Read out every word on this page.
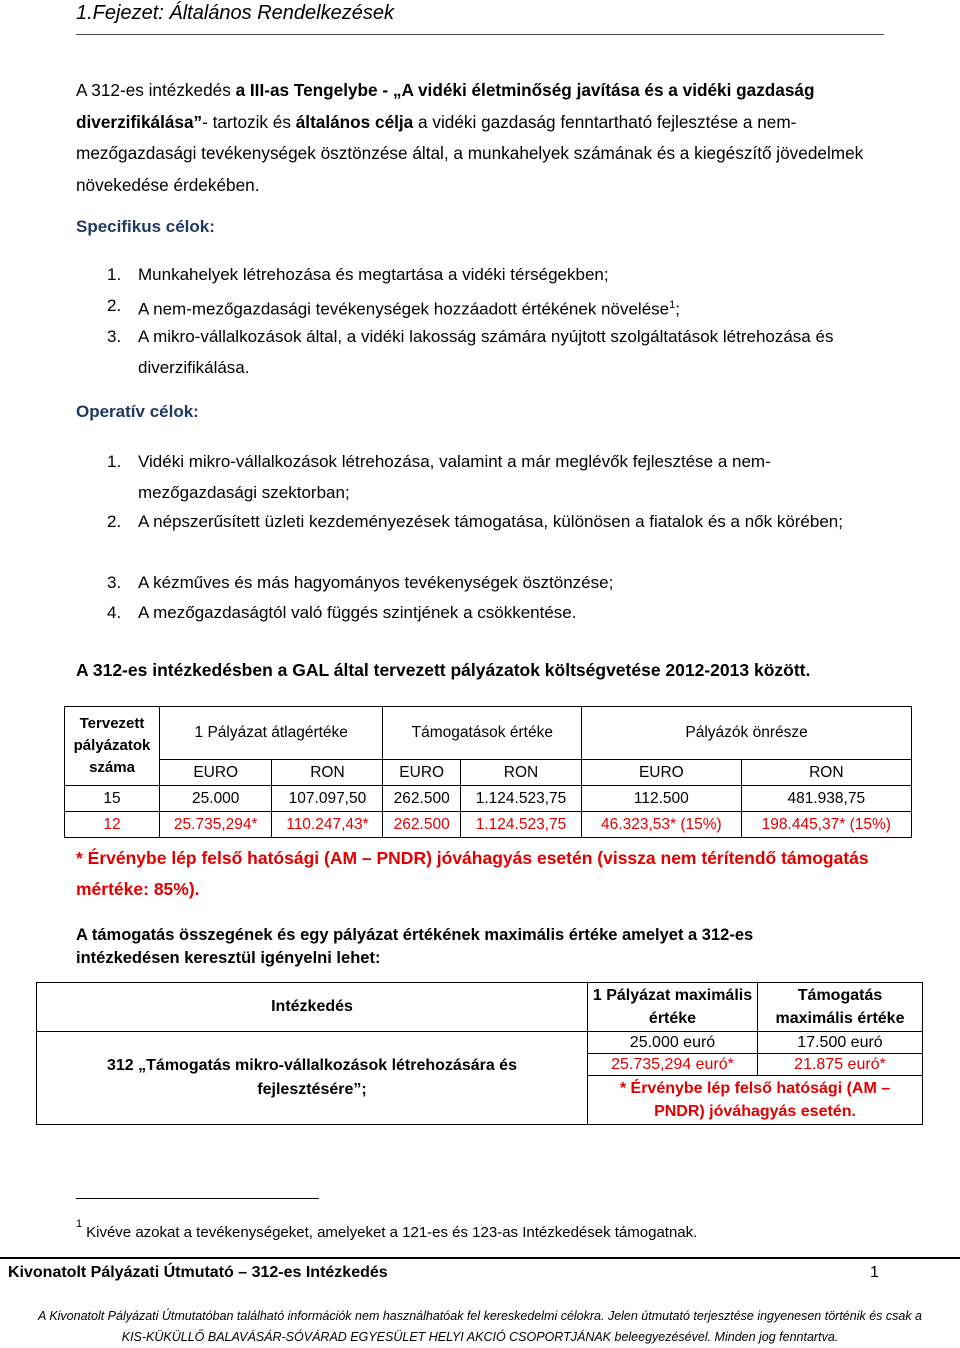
1.Fejezet: Általános Rendelkezések
A 312-es intézkedés a III-as Tengelybe - „A vidéki életminőség javítása és a vidéki gazdaság diverzifikálása”- tartozik és általános célja a vidéki gazdaság fenntartható fejlesztése a nem-mezőgazdasági tevékenységek ösztönzése által, a munkahelyek számának és a kiegészítő jövedelmek növekedése érdekében.
Specifikus célok:
1. Munkahelyek létrehozása és megtartása a vidéki térségekben;
2. A nem-mezőgazdasági tevékenységek hozzáadott értékének növelése$^1$;
3. A mikro-vállalkozások által, a vidéki lakosság számára nyújtott szolgáltatások létrehozása és diverzifikálása.
Operatív célok:
1. Vidéki mikro-vállalkozások létrehozása, valamint a már meglévők fejlesztése a nem-mezőgazdasági szektorban;
2. A népszerűsített üzleti kezdeményezések támogatása, különösen a fiatalok és a nők körében;
3. A kézműves és más hagyományos tevékenységek ösztönzése;
4. A mezőgazdaságtól való függés szintjének a csökkentése.
A 312-es intézkedésben a GAL által tervezett pályázatok költségvetése 2012-2013 között.
Tervezett pályázatok száma	1 Pályázat átlagértéke		Támogatások értéke		Pályázók önrésze	
	EURO	RON	EURO	RON	EURO	RON
15	25.000	107.097,50	262.500	1.124.523,75	112.500	481.938,75
12	25.735,294*	110.247,43*	262.500	1.124.523,75	46.323,53* (15%)	198.445,37* (15%)
* Érvénybe lép felső hatósági (AM – PNDR) jóváhagyás esetén (vissza nem térítendő támogatás mértéke: 85%).
A támogatás összegének és egy pályázat értékének maximális értéke amelyet a 312-es intézkedésen keresztül igényelni lehet:
Intézkedés	1 Pályázat maximális értéke	Támogatás maximális értéke
312 „Támogatás mikro-vállalkozások létrehozására és fejlesztésére”;	25.000 euró	17.500 euró
	25.735,294 euró*	21.875 euró*
	* Érvénybe lép felső hatósági (AM – PNDR) jóváhagyás esetén.	
$^1$ Kivéve azokat a tevékenységeket, amelyeket a 121-es és 123-as Intézkedések támogatnak.
Kivonatolt Pályázati Útmutató – 312-es Intézkedés	1
A Kivonatolt Pályázati Útmutatóban található információk nem használhatóak fel kereskedelmi célokra. Jelen útmutató terjesztése ingyenesen történik és csak a
KIS-KÜKÜLLŐ BALAVÁSÁR-SÓVÁRAD EGYESÜLET HELYI AKCIÓ CSOPORTJÁNAK beleegyezésével. Minden jog fenntartva.
